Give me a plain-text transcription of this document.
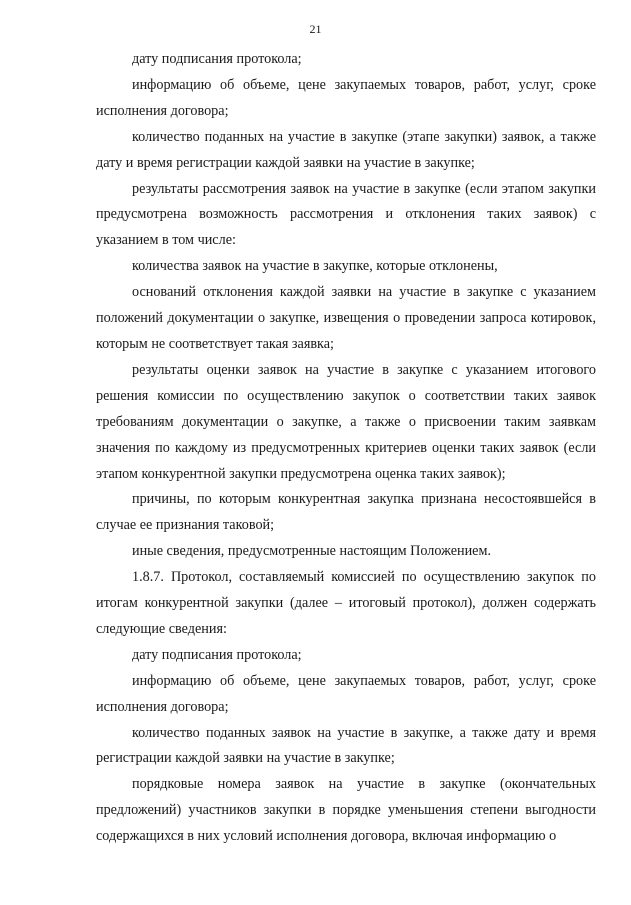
21

дату подписания протокола;

информацию об объеме, цене закупаемых товаров, работ, услуг, сроке исполнения договора;

количество поданных на участие в закупке (этапе закупки) заявок, а также дату и время регистрации каждой заявки на участие в закупке;

результаты рассмотрения заявок на участие в закупке (если этапом закупки предусмотрена возможность рассмотрения и отклонения таких заявок) с указанием в том числе:

количества заявок на участие в закупке, которые отклонены,

оснований отклонения каждой заявки на участие в закупке с указанием положений документации о закупке, извещения о проведении запроса котировок, которым не соответствует такая заявка;

результаты оценки заявок на участие в закупке с указанием итогового решения комиссии по осуществлению закупок о соответствии таких заявок требованиям документации о закупке, а также о присвоении таким заявкам значения по каждому из предусмотренных критериев оценки таких заявок (если этапом конкурентной закупки предусмотрена оценка таких заявок);

причины, по которым конкурентная закупка признана несостоявшейся в случае ее признания таковой;

иные сведения, предусмотренные настоящим Положением.

1.8.7. Протокол, составляемый комиссией по осуществлению закупок по итогам конкурентной закупки (далее – итоговый протокол), должен содержать следующие сведения:

дату подписания протокола;

информацию об объеме, цене закупаемых товаров, работ, услуг, сроке исполнения договора;

количество поданных заявок на участие в закупке, а также дату и время регистрации каждой заявки на участие в закупке;

порядковые номера заявок на участие в закупке (окончательных предложений) участников закупки в порядке уменьшения степени выгодности содержащихся в них условий исполнения договора, включая информацию о
